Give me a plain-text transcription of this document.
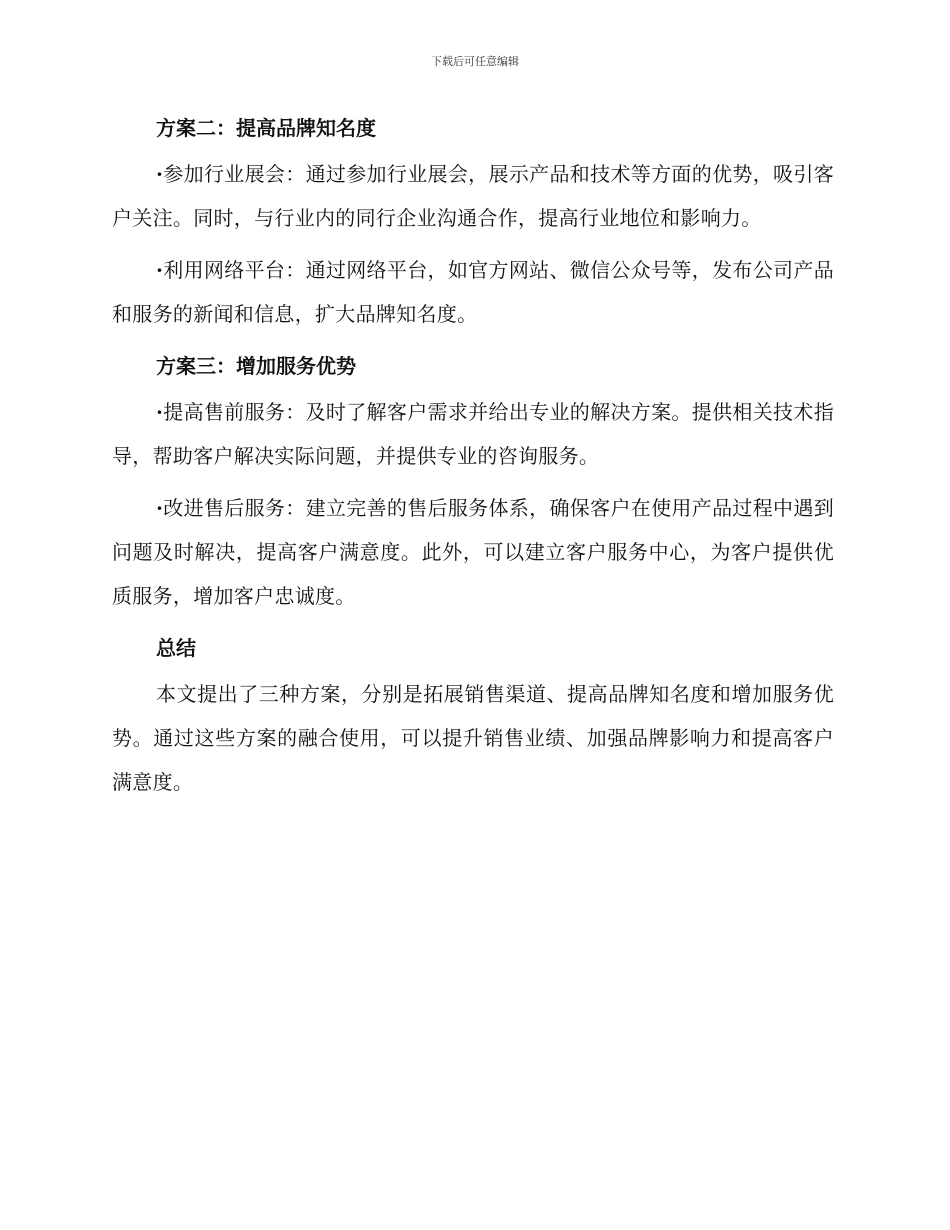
下载后可任意编辑
方案二：提高品牌知名度

·参加行业展会：通过参加行业展会，展示产品和技术等方面的优势，吸引客户关注。同时，与行业内的同行企业沟通合作，提高行业地位和影响力。

·利用网络平台：通过网络平台，如官方网站、微信公众号等，发布公司产品和服务的新闻和信息，扩大品牌知名度。

方案三：增加服务优势

·提高售前服务：及时了解客户需求并给出专业的解决方案。提供相关技术指导，帮助客户解决实际问题，并提供专业的咨询服务。

·改进售后服务：建立完善的售后服务体系，确保客户在使用产品过程中遇到问题及时解决，提高客户满意度。此外，可以建立客户服务中心，为客户提供优质服务，增加客户忠诚度。

总结

本文提出了三种方案，分别是拓展销售渠道、提高品牌知名度和增加服务优势。通过这些方案的融合使用，可以提升销售业绩、加强品牌影响力和提高客户满意度。
